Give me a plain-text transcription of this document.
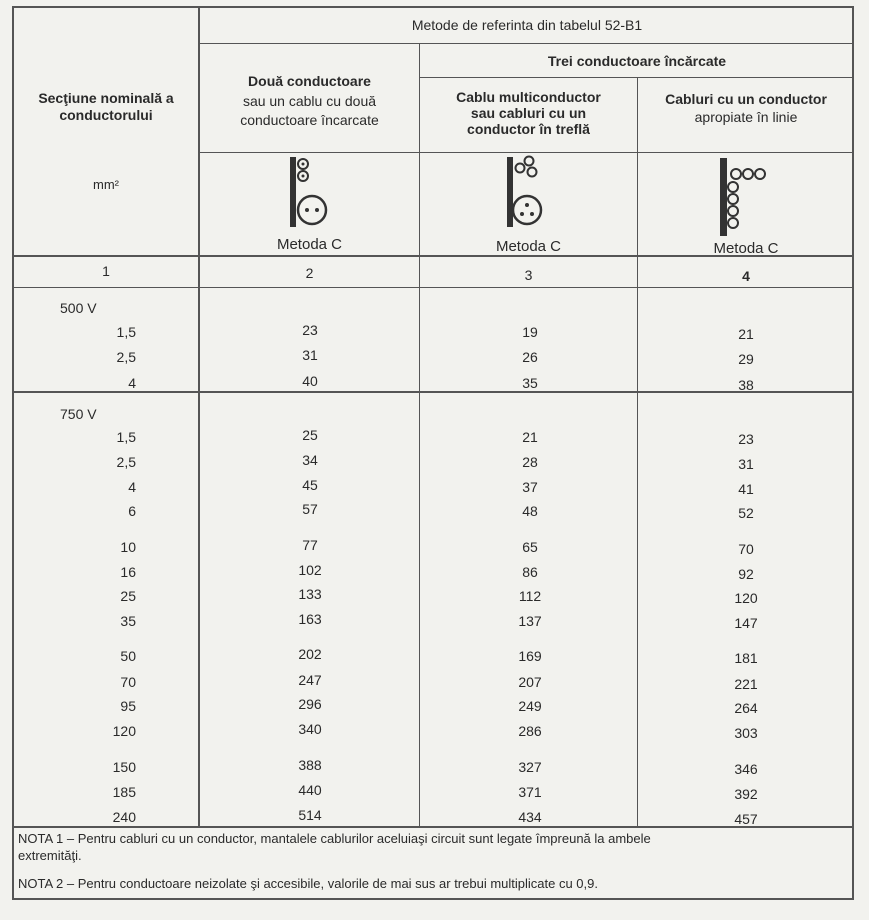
Metode de referinta din tabelul 52-B1
Trei conductoare încărcate
Secţiune nominală a
conductorului
mm²
Două conductoare
sau un cablu cu două
conductoare încarcate
Cablu multiconductor
sau cabluri cu un
conductor în treflă
Cabluri cu un conductor
apropiate în linie
Metoda C	Metoda C	Metoda C
1	2	3	4
500 V
1,5	23	19	21
2,5	31	26	29
4	40	35	38
750 V
1,5	25	21	23
2,5	34	28	31
4	45	37	41
6	57	48	52
10	77	65	70
16	102	86	92
25	133	112	120
35	163	137	147
50	202	169	181
70	247	207	221
95	296	249	264
120	340	286	303
150	388	327	346
185	440	371	392
240	514	434	457
NOTA 1 – Pentru cabluri cu un conductor, mantalele cablurilor aceluiaşi circuit sunt legate împreună la ambele
extremităţi.
NOTA 2 – Pentru conductoare neizolate şi accesibile, valorile de mai sus ar trebui multiplicate cu 0,9.
